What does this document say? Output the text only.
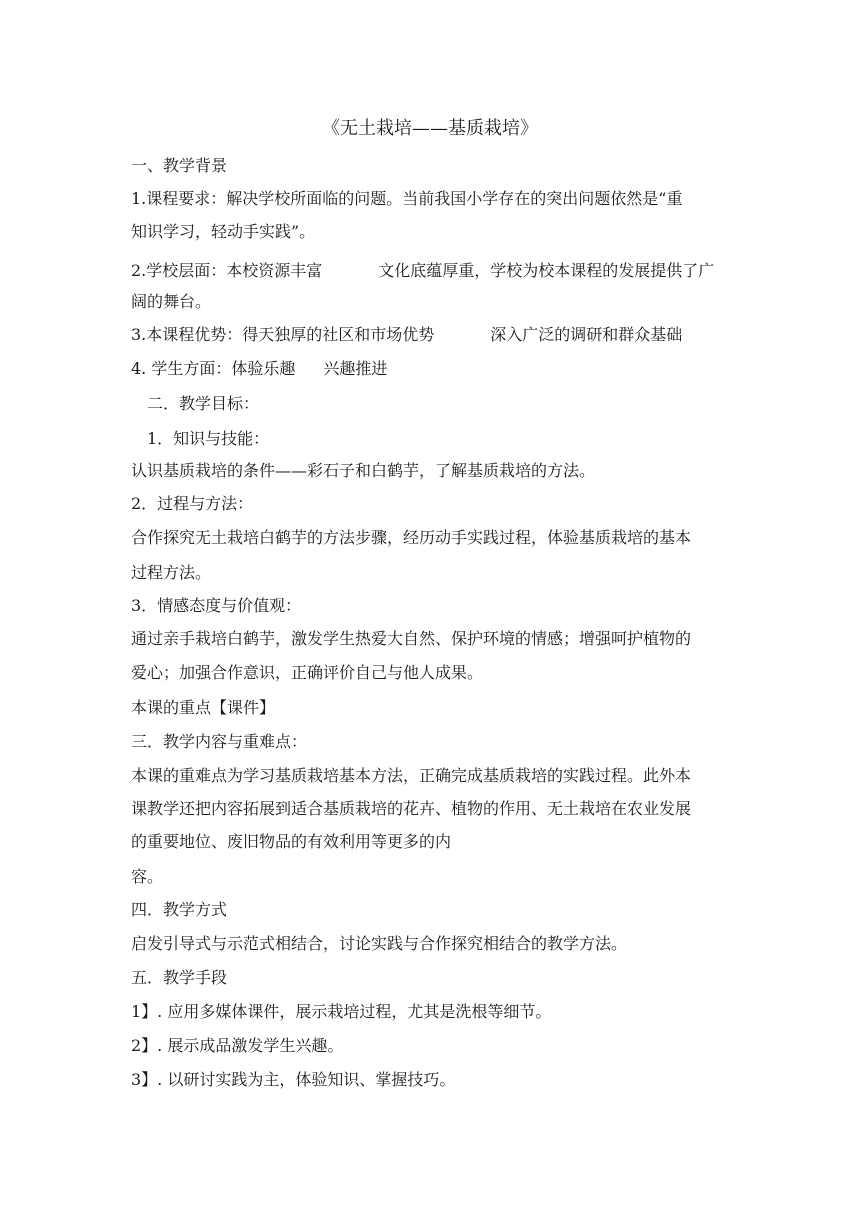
《无土栽培——基质栽培》
一、教学背景
1.课程要求：解决学校所面临的问题。当前我国小学存在的突出问题依然是“重
知识学习，轻动手实践”。
2.学校层面：本校资源丰富	文化底蕴厚重，学校为校本课程的发展提供了广
阔的舞台。
3.本课程优势：得天独厚的社区和市场优势	深入广泛的调研和群众基础
4. 学生方面：体验乐趣 兴趣推进
二．教学目标：
1．知识与技能：
认识基质栽培的条件——彩石子和白鹤芋，了解基质栽培的方法。
2．过程与方法：
合作探究无土栽培白鹤芋的方法步骤，经历动手实践过程，体验基质栽培的基本
过程方法。
3．情感态度与价值观：
通过亲手栽培白鹤芋，激发学生热爱大自然、保护环境的情感；增强呵护植物的
爱心；加强合作意识，正确评价自己与他人成果。
本课的重点【课件】
三．教学内容与重难点：
本课的重难点为学习基质栽培基本方法，正确完成基质栽培的实践过程。此外本
课教学还把内容拓展到适合基质栽培的花卉、植物的作用、无土栽培在农业发展
的重要地位、废旧物品的有效利用等更多的内
容。
四．教学方式
启发引导式与示范式相结合，讨论实践与合作探究相结合的教学方法。
五．教学手段
1】. 应用多媒体课件，展示栽培过程，尤其是洗根等细节。
2】. 展示成品激发学生兴趣。
3】. 以研讨实践为主，体验知识、掌握技巧。
